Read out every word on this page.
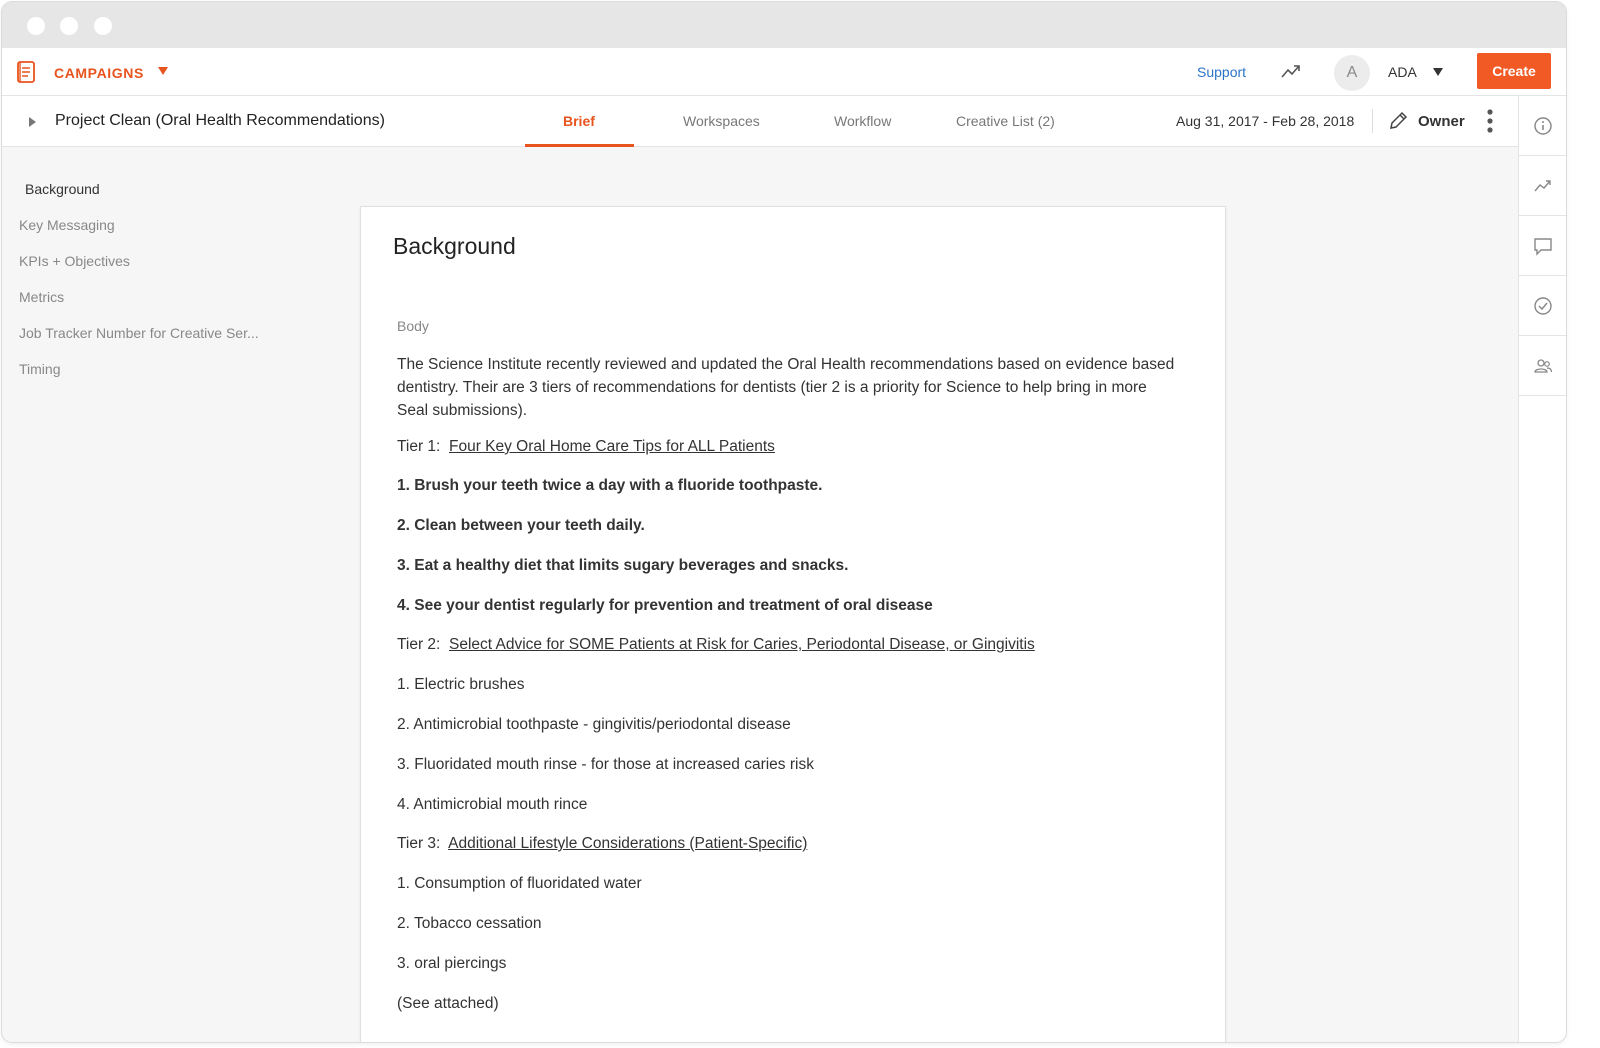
CAMPAIGNS	Support	A	ADA	Create
Project Clean (Oral Health Recommendations)	Brief	Workspaces	Workflow	Creative List (2)	Aug 31, 2017 - Feb 28, 2018	Owner
Background
Key Messaging
KPIs + Objectives
Metrics
Job Tracker Number for Creative Ser...
Timing
Background
Body
The Science Institute recently reviewed and updated the Oral Health recommendations based on evidence based dentistry. Their are 3 tiers of recommendations for dentists (tier 2 is a priority for Science to help bring in more Seal submissions).
Tier 1: Four Key Oral Home Care Tips for ALL Patients
1. Brush your teeth twice a day with a fluoride toothpaste.
2. Clean between your teeth daily.
3. Eat a healthy diet that limits sugary beverages and snacks.
4. See your dentist regularly for prevention and treatment of oral disease
Tier 2: Select Advice for SOME Patients at Risk for Caries, Periodontal Disease, or Gingivitis
1. Electric brushes
2. Antimicrobial toothpaste - gingivitis/periodontal disease
3. Fluoridated mouth rinse - for those at increased caries risk
4. Antimicrobial mouth rince
Tier 3: Additional Lifestyle Considerations (Patient-Specific)
1. Consumption of fluoridated water
2. Tobacco cessation
3. oral piercings
(See attached)
